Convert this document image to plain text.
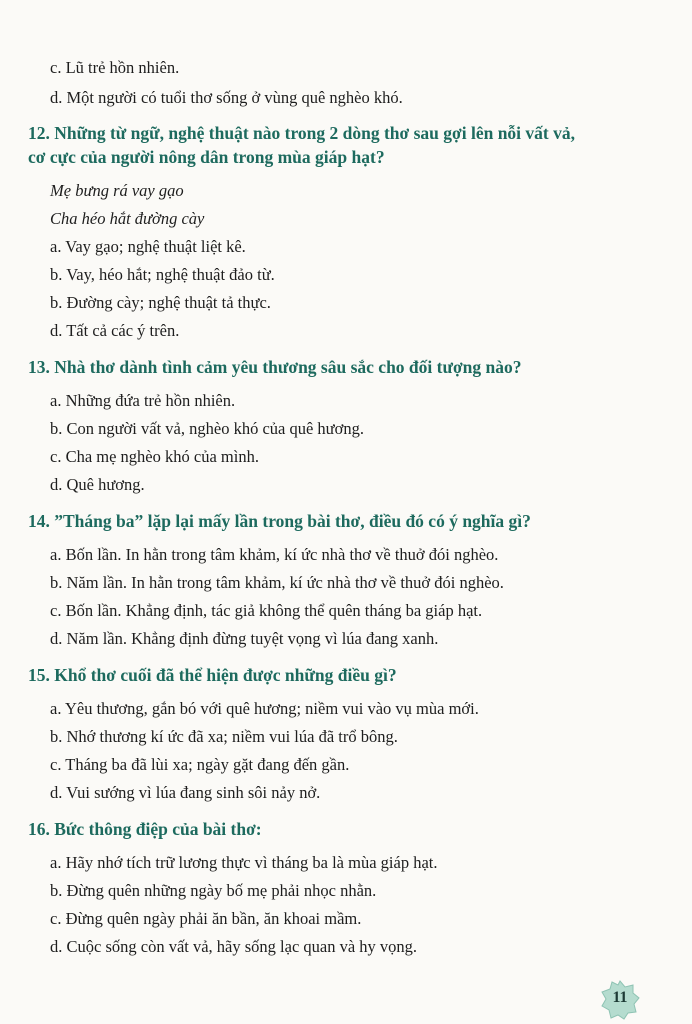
c. Lũ trẻ hồn nhiên.
d. Một người có tuổi thơ sống ở vùng quê nghèo khó.
12. Những từ ngữ, nghệ thuật nào trong 2 dòng thơ sau gợi lên nỗi vất vả,
cơ cực của người nông dân trong mùa giáp hạt?
Mẹ bưng rá vay gạo
Cha héo hắt đường cày
a. Vay gạo; nghệ thuật liệt kê.
b. Vay, héo hắt; nghệ thuật đảo từ.
b. Đường cày; nghệ thuật tả thực.
d. Tất cả các ý trên.
13. Nhà thơ dành tình cảm yêu thương sâu sắc cho đối tượng nào?
a. Những đứa trẻ hồn nhiên.
b. Con người vất vả, nghèo khó của quê hương.
c. Cha mẹ nghèo khó của mình.
d. Quê hương.
14. ”Tháng ba” lặp lại mấy lần trong bài thơ, điều đó có ý nghĩa gì?
a. Bốn lần. In hằn trong tâm khảm, kí ức nhà thơ về thuở đói nghèo.
b. Năm lần. In hằn trong tâm khảm, kí ức nhà thơ về thuở đói nghèo.
c. Bốn lần. Khẳng định, tác giả không thể quên tháng ba giáp hạt.
d. Năm lần. Khẳng định đừng tuyệt vọng vì lúa đang xanh.
15. Khổ thơ cuối đã thể hiện được những điều gì?
a. Yêu thương, gắn bó với quê hương; niềm vui vào vụ mùa mới.
b. Nhớ thương kí ức đã xa; niềm vui lúa đã trổ bông.
c. Tháng ba đã lùi xa; ngày gặt đang đến gần.
d. Vui sướng vì lúa đang sinh sôi nảy nở.
16. Bức thông điệp của bài thơ:
a. Hãy nhớ tích trữ lương thực vì tháng ba là mùa giáp hạt.
b. Đừng quên những ngày bố mẹ phải nhọc nhằn.
c. Đừng quên ngày phải ăn bần, ăn khoai mầm.
d. Cuộc sống còn vất vả, hãy sống lạc quan và hy vọng.
11
